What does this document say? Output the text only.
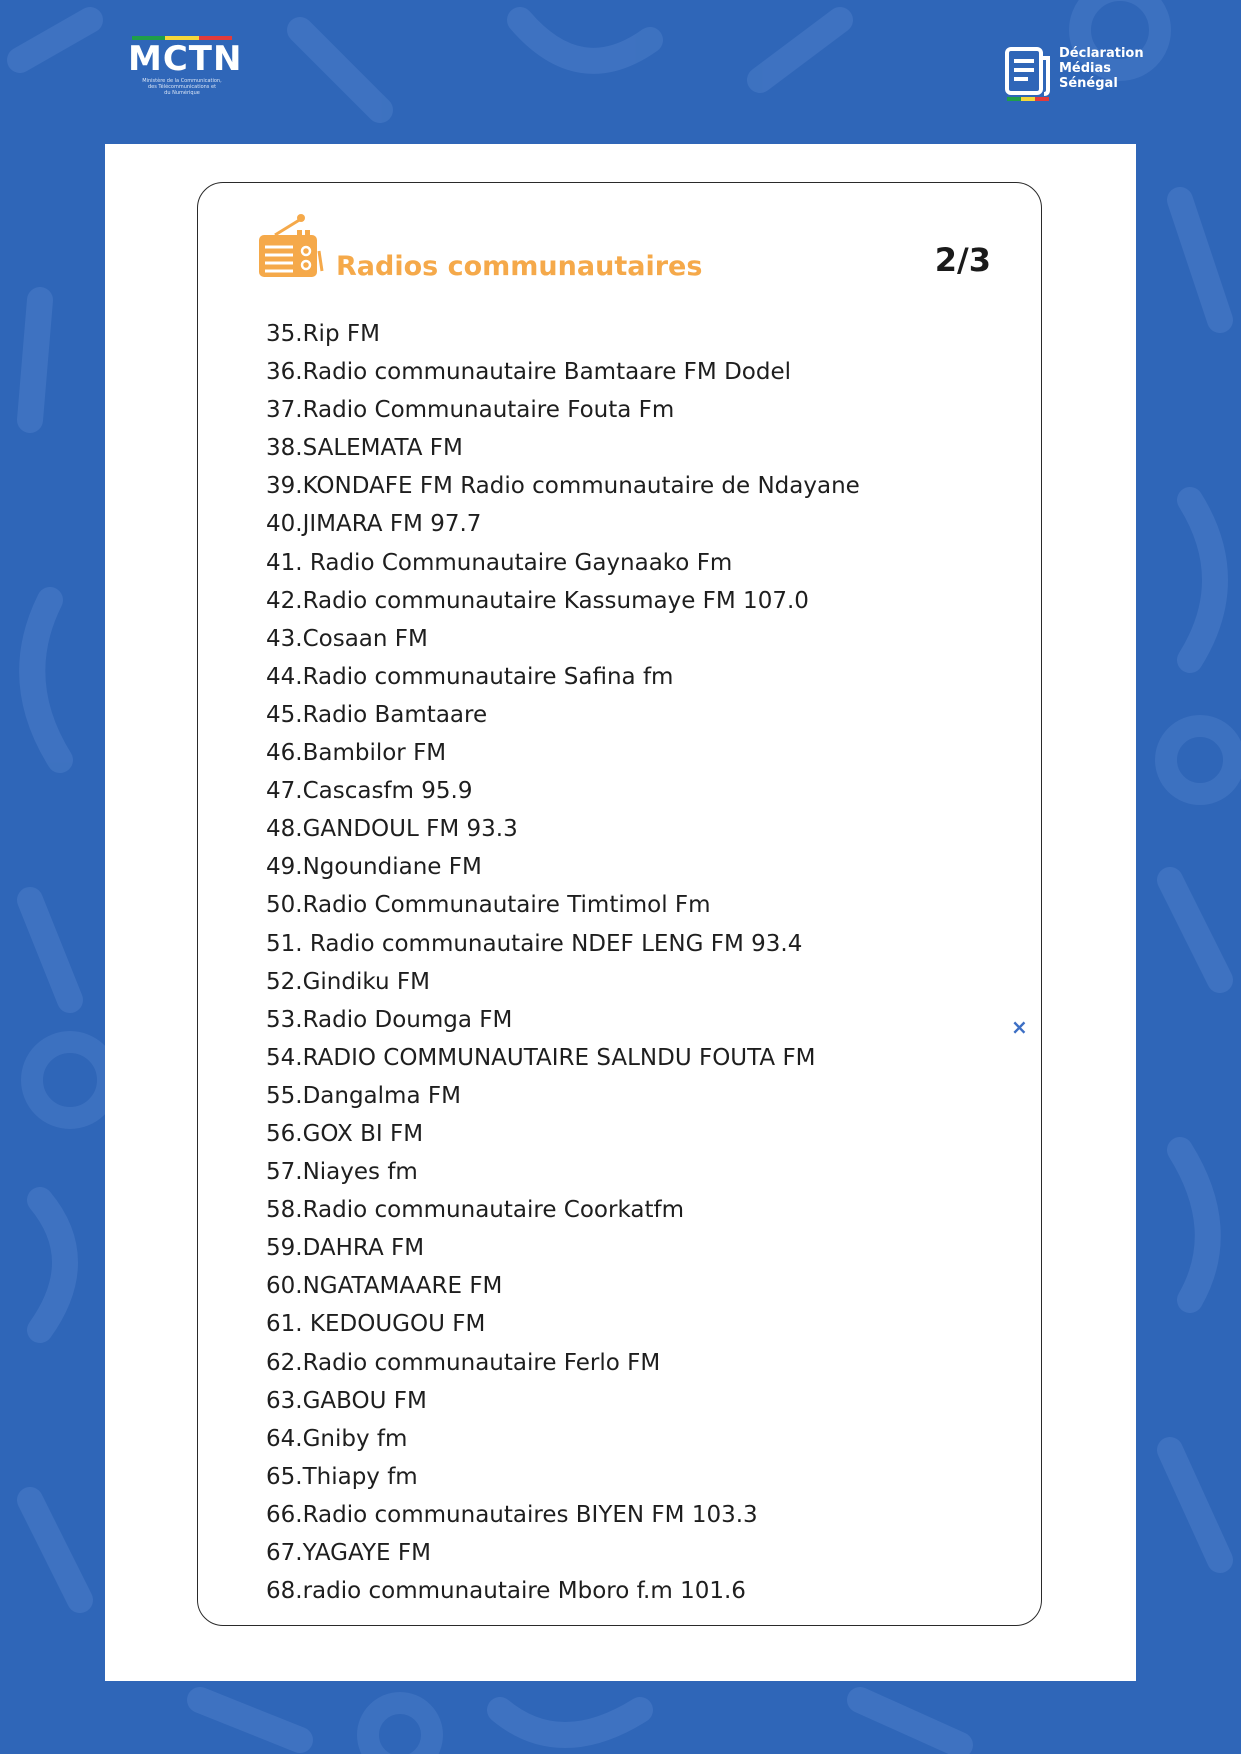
MCTN
Ministère de la Communication,
des Télécommunications et
du Numérique
Déclaration
Médias
Sénégal
Radios communautaires	2/3
35.Rip FM
36.Radio communautaire Bamtaare FM Dodel
37.Radio Communautaire Fouta Fm
38.SALEMATA FM
39.KONDAFE FM Radio communautaire de Ndayane
40.JIMARA FM 97.7
41. Radio Communautaire Gaynaako Fm
42.Radio communautaire Kassumaye FM 107.0
43.Cosaan FM
44.Radio communautaire Safina fm
45.Radio Bamtaare
46.Bambilor FM
47.Cascasfm 95.9
48.GANDOUL FM 93.3
49.Ngoundiane FM
50.Radio Communautaire Timtimol Fm
51. Radio communautaire NDEF LENG FM 93.4
52.Gindiku FM
53.Radio Doumga FM
54.RADIO COMMUNAUTAIRE SALNDU FOUTA FM
55.Dangalma FM
56.GOX BI FM
57.Niayes fm
58.Radio communautaire Coorkatfm
59.DAHRA FM
60.NGATAMAARE FM
61. KEDOUGOU FM
62.Radio communautaire Ferlo FM
63.GABOU FM
64.Gniby fm
65.Thiapy fm
66.Radio communautaires BIYEN FM 103.3
67.YAGAYE FM
68.radio communautaire Mboro f.m 101.6
×
